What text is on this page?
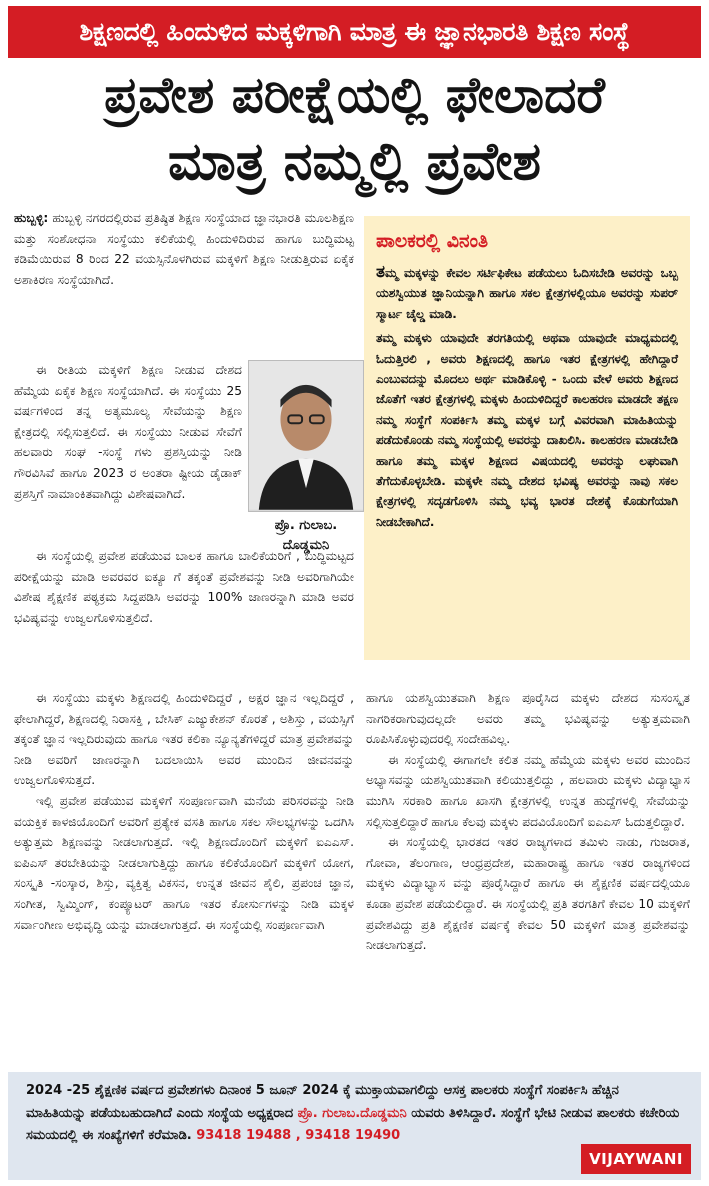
ಶಿಕ್ಷಣದಲ್ಲಿ ಹಿಂದುಳಿದ ಮಕ್ಕಳಿಗಾಗಿ ಮಾತ್ರ ಈ ಜ್ಞಾನಭಾರತಿ ಶಿಕ್ಷಣ ಸಂಸ್ಥೆ
ಪ್ರವೇಶ ಪರೀಕ್ಷೆಯಲ್ಲಿ ಫೇಲಾದರೆ
ಮಾತ್ರ ನಮ್ಮಲ್ಲಿ ಪ್ರವೇಶ

ಹುಬ್ಬಳ್ಳಿ: ಹುಬ್ಬಳ್ಳಿ ನಗರದಲ್ಲಿರುವ ಪ್ರತಿಷ್ಠಿತ ಶಿಕ್ಷಣ ಸಂಸ್ಥೆಯಾದ ಜ್ಞಾನಭಾರತಿ ಮೂಲಶಿಕ್ಷಣ ಮತ್ತು ಸಂಶೋಧನಾ ಸಂಸ್ಥೆಯು ಕಲಿಕೆಯಲ್ಲಿ ಹಿಂದುಳಿದಿರುವ ಹಾಗೂ ಬುದ್ಧಿಮಟ್ಟ ಕಡಿಮೆಯಿರುವ 8 ರಿಂದ 22 ವಯಸ್ಸಿನೊಳಗಿರುವ ಮಕ್ಕಳಿಗೆ ಶಿಕ್ಷಣ ನೀಡುತ್ತಿರುವ ಏಕೈಕ ಅಶಾಕಿರಣ ಸಂಸ್ಥೆಯಾಗಿದೆ.

ಈ ರೀತಿಯ ಮಕ್ಕಳಿಗೆ ಶಿಕ್ಷಣ ನೀಡುವ ದೇಶದ ಹೆಮ್ಮೆಯ ಏಕೈಕ ಶಿಕ್ಷಣ ಸಂಸ್ಥೆಯಾಗಿದೆ. ಈ ಸಂಸ್ಥೆಯು 25 ವರ್ಷಗಳಿಂದ ತನ್ನ ಅತ್ಯಮೂಲ್ಯ ಸೇವೆಯನ್ನು ಶಿಕ್ಷಣ ಕ್ಷೇತ್ರದಲ್ಲಿ ಸಲ್ಲಿಸುತ್ತಲಿದೆ. ಈ ಸಂಸ್ಥೆಯು ನೀಡುವ ಸೇವೆಗೆ ಹಲವಾರು ಸಂಘ -ಸಂಸ್ಥೆ ಗಳು ಪ್ರಶಸ್ತಿಯನ್ನು ನೀಡಿ ಗೌರವಿಸಿವೆ ಹಾಗೂ 2023 ರ ಅಂತರಾ ಷ್ಟೀಯ ಡೈಡಾಕ್ ಪ್ರಶಸ್ತಿಗೆ ನಾಮಾಂಕಿತವಾಗಿದ್ದು ವಿಶೇಷವಾಗಿದೆ.

ಪ್ರೊ. ಗುಲಾಬ.
ದೊಡ್ಡಮನಿ

ಈ ಸಂಸ್ಥೆಯಲ್ಲಿ ಪ್ರವೇಶ ಪಡೆಯುವ ಬಾಲಕ ಹಾಗೂ ಬಾಲಿಕೆಯರಿಗೆ , ಬುದ್ಧಿಮಟ್ಟದ ಪರೀಕ್ಷೆಯನ್ನು ಮಾಡಿ ಅವರವರ ಐಕ್ಯೂ ಗೆ ತಕ್ಕಂತೆ ಪ್ರವೇಶವನ್ನು ನೀಡಿ ಅವರಿಗಾಗಿಯೇ ವಿಶೇಷ ಶೈಕ್ಷಣಿಕ ಪಠ್ಯಕ್ರಮ ಸಿದ್ದಪಡಿಸಿ ಅವರನ್ನು 100% ಜಾಣರನ್ನಾಗಿ ಮಾಡಿ ಅವರ ಭವಿಷ್ಯವನ್ನು ಉಜ್ವಲಗೊಳಿಸುತ್ತಲಿದೆ.

ಈ ಸಂಸ್ಥೆಯು ಮಕ್ಕಳು ಶಿಕ್ಷಣದಲ್ಲಿ ಹಿಂದುಳಿದಿದ್ದರೆ , ಅಕ್ಷರ ಜ್ಞಾನ ಇಲ್ಲದಿದ್ದರೆ , ಫೇಲಾಗಿದ್ದರೆ, ಶಿಕ್ಷಣದಲ್ಲಿ ನಿರಾಸಕ್ತಿ , ಬೇಸಿಕ್ ಎಜ್ಯುಕೇಶನ್ ಕೊರತೆ , ಅಶಿಸ್ತು , ವಯಸ್ಸಿಗೆ ತಕ್ಕಂತೆ ಜ್ಞಾನ ಇಲ್ಲದಿರುವುದು ಹಾಗೂ ಇತರ ಕಲಿಕಾ ನ್ಯೂನ್ಯತೆಗಳಿದ್ದರೆ ಮಾತ್ರ ಪ್ರವೇಶವನ್ನು ನೀಡಿ ಅವರಿಗೆ ಜಾಣರನ್ನಾಗಿ ಬದಲಾಯಿಸಿ ಅವರ ಮುಂದಿನ ಜೀವನವನ್ನು ಉಜ್ವಲಗೊಳಿಸುತ್ತದೆ.

ಇಲ್ಲಿ ಪ್ರವೇಶ ಪಡೆಯುವ ಮಕ್ಕಳಿಗೆ ಸಂಪೂರ್ಣವಾಗಿ ಮನೆಯ ಪರಿಸರವನ್ನು ನೀಡಿ ವಯಕ್ತಿಕ ಕಾಳಜಿಯೊಂದಿಗೆ ಅವರಿಗೆ ಪ್ರತ್ಯೇಕ ವಸತಿ ಹಾಗೂ ಸಕಲ ಸೌಲಭ್ಯಗಳನ್ನು ಒದಗಿಸಿ ಅತ್ಯುತ್ತಮ ಶಿಕ್ಷಣವನ್ನು ನೀಡಲಾಗುತ್ತದೆ. ಇಲ್ಲಿ ಶಿಕ್ಷಣದೊಂದಿಗೆ ಮಕ್ಕಳಿಗೆ ಐಎಎಸ್. ಐಪಿಎಸ್ ತರಬೇತಿಯನ್ನು ನೀಡಲಾಗುತ್ತಿದ್ದು ಹಾಗೂ ಕಲಿಕೆಯೊಂದಿಗೆ ಮಕ್ಕಳಿಗೆ ಯೋಗ, ಸಂಸ್ಕೃತಿ -ಸಂಸ್ಕಾರ, ಶಿಸ್ತು, ವ್ಯಕ್ತಿತ್ವ ವಿಕಸನ, ಉನ್ನತ ಜೀವನ ಶೈಲಿ, ಪ್ರಪಂಚ ಜ್ಞಾನ, ಸಂಗೀತ, ಸ್ವಿಮ್ಮಿಂಗ್, ಕಂಪ್ಯೂಟರ್ ಹಾಗೂ ಇತರ ಕೋರ್ಸುಗಳನ್ನು ನೀಡಿ ಮಕ್ಕಳ ಸರ್ವಾಂಗೀಣ ಅಭಿವೃದ್ಧಿ ಯನ್ನು ಮಾಡಲಾಗುತ್ತದೆ. ಈ ಸಂಸ್ಥೆಯಲ್ಲಿ ಸಂಪೂರ್ಣವಾಗಿ

ಪಾಲಕರಲ್ಲಿ ವಿನಂತಿ

ತಮ್ಮ ಮಕ್ಕಳನ್ನು ಕೇವಲ ಸರ್ಟಿಫಿಕೇಟ ಪಡೆಯಲು ಓದಿಸಬೇಡಿ ಅವರನ್ನು ಒಬ್ಬ ಯಶಸ್ವಿಯುತ ಜ್ಞಾನಿಯನ್ನಾಗಿ ಹಾಗೂ ಸಕಲ ಕ್ಷೇತ್ರಗಳಲ್ಲಿಯೂ ಅವರನ್ನು ಸುಪರ್ ಸ್ಮಾರ್ಟ ಚೈಲ್ಡ ಮಾಡಿ.

ತಮ್ಮ ಮಕ್ಕಳು ಯಾವುದೇ ತರಗತಿಯಲ್ಲಿ ಅಥವಾ ಯಾವುದೇ ಮಾಧ್ಯಮದಲ್ಲಿ ಓದುತ್ತಿರಲಿ , ಅವರು ಶಿಕ್ಷಣದಲ್ಲಿ ಹಾಗೂ ಇತರ ಕ್ಷೇತ್ರಗಳಲ್ಲಿ ಹೇಗಿದ್ದಾರೆ ಎಂಬುವದನ್ನು ಮೊದಲು ಅರ್ಥ ಮಾಡಿಕೊಳ್ಳಿ - ಒಂದು ವೇಳೆ ಅವರು ಶಿಕ್ಷಣದ ಜೊತೆಗೆ ಇತರ ಕ್ಷೇತ್ರಗಳಲ್ಲಿ ಮಕ್ಕಳು ಹಿಂದುಳಿದಿದ್ದರೆ ಕಾಲಹರಣ ಮಾಡದೇ ತಕ್ಷಣ ನಮ್ಮ ಸಂಸ್ಥೆಗೆ ಸಂಪರ್ಕಿಸಿ ತಮ್ಮ ಮಕ್ಕಳ ಬಗ್ಗೆ ವಿವರವಾಗಿ ಮಾಹಿತಿಯನ್ನು ಪಡೆದುಕೊಂಡು ನಮ್ಮ ಸಂಸ್ಥೆಯಲ್ಲಿ ಅವರನ್ನು ದಾಖಲಿಸಿ. ಕಾಲಹರಣ ಮಾಡಬೇಡಿ ಹಾಗೂ ತಮ್ಮ ಮಕ್ಕಳ ಶಿಕ್ಷಣದ ವಿಷಯದಲ್ಲಿ ಅವರನ್ನು ಲಘುವಾಗಿ ತೆಗೆದುಕೊಳ್ಳಬೇಡಿ. ಮಕ್ಕಳೇ ನಮ್ಮ ದೇಶದ ಭವಿಷ್ಯ ಅವರನ್ನು ನಾವು ಸಕಲ ಕ್ಷೇತ್ರಗಳಲ್ಲಿ ಸದೃಡಗೊಳಿಸಿ ನಮ್ಮ ಭವ್ಯ ಭಾರತ ದೇಶಕ್ಕೆ ಕೊಡುಗೆಯಾಗಿ ನೀಡಬೇಕಾಗಿದೆ.

ಹಾಗೂ ಯಶಸ್ವಿಯುತವಾಗಿ ಶಿಕ್ಷಣ ಪೂರೈಸಿದ ಮಕ್ಕಳು ದೇಶದ ಸುಸಂಸ್ಕೃತ ನಾಗರಿಕರಾಗುವುದಲ್ಲದೇ ಅವರು ತಮ್ಮ ಭವಿಷ್ಯವನ್ನು ಅತ್ಯುತ್ತಮವಾಗಿ ರೂಪಿಸಿಕೊಳ್ಳುವುದರಲ್ಲಿ ಸಂದೇಹವಿಲ್ಲ.

ಈ ಸಂಸ್ಥೆಯಲ್ಲಿ ಈಗಾಗಲೇ ಕಲಿತ ನಮ್ಮ ಹೆಮ್ಮೆಯ ಮಕ್ಕಳು ಅವರ ಮುಂದಿನ ಅಭ್ಯಾಸವನ್ನು ಯಶಸ್ವಿಯುತವಾಗಿ ಕಲಿಯುತ್ತಲಿದ್ದು , ಹಲವಾರು ಮಕ್ಕಳು ವಿದ್ಯಾಭ್ಯಾಸ ಮುಗಿಸಿ ಸರಕಾರಿ ಹಾಗೂ ಖಾಸಗಿ ಕ್ಷೇತ್ರಗಳಲ್ಲಿ ಉನ್ನತ ಹುದ್ದೆಗಳಲ್ಲಿ ಸೇವೆಯನ್ನು ಸಲ್ಲಿಸುತ್ತಲಿದ್ದಾರೆ ಹಾಗೂ ಕೆಲವು ಮಕ್ಕಳು ಪದವಿಯೊಂದಿಗೆ ಐಎಎಸ್ ಓದುತ್ತಲಿದ್ದಾರೆ.

ಈ ಸಂಸ್ಥೆಯಲ್ಲಿ ಭಾರತದ ಇತರ ರಾಜ್ಯಗಳಾದ ತಮಿಳು ನಾಡು, ಗುಜರಾತ, ಗೋವಾ, ತೆಲಂಗಾಣ, ಆಂಧ್ರಪ್ರದೇಶ, ಮಹಾರಾಷ್ಟ್ರ ಹಾಗೂ ಇತರ ರಾಜ್ಯಗಳಿಂದ ಮಕ್ಕಳು ವಿದ್ಯಾಭ್ಯಾಸ ವನ್ನು ಪೂರೈಸಿದ್ದಾರೆ ಹಾಗೂ ಈ ಶೈಕ್ಷಣಿಕ ವರ್ಷದಲ್ಲಿಯೂ ಕೂಡಾ ಪ್ರವೇಶ ಪಡೆಯಲಿದ್ದಾರೆ. ಈ ಸಂಸ್ಥೆಯಲ್ಲಿ ಪ್ರತಿ ತರಗತಿಗೆ ಕೇವಲ 10 ಮಕ್ಕಳಿಗೆ ಪ್ರವೇಶವಿದ್ದು ಪ್ರತಿ ಶೈಕ್ಷಣಿಕ ವರ್ಷಕ್ಕೆ ಕೇವಲ 50 ಮಕ್ಕಳಿಗೆ ಮಾತ್ರ ಪ್ರವೇಶವನ್ನು ನೀಡಲಾಗುತ್ತದೆ.

2024 -25 ಶೈಕ್ಷಣಿಕ ವರ್ಷದ ಪ್ರವೇಶಗಳು ದಿನಾಂಕ 5 ಜೂನ್ 2024 ಕ್ಕೆ ಮುಕ್ತಾಯವಾಗಲಿದ್ದು ಆಸಕ್ತ ಪಾಲಕರು ಸಂಸ್ಥೆಗೆ ಸಂಪರ್ಕಿಸಿ ಹೆಚ್ಚಿನ ಮಾಹಿತಿಯನ್ನು ಪಡೆಯಬಹುದಾಗಿದೆ ಎಂದು ಸಂಸ್ಥೆಯ ಅಧ್ಯಕ್ಷರಾದ ಪ್ರೊ. ಗುಲಾಬ.ದೊಡ್ಡಮನಿ ಯವರು ತಿಳಿಸಿದ್ದಾರೆ. ಸಂಸ್ಥೆಗೆ ಭೇಟಿ ನೀಡುವ ಪಾಲಕರು ಕಚೇರಿಯ ಸಮಯದಲ್ಲಿ ಈ ಸಂಖ್ಯೆಗಳಿಗೆ ಕರೆಮಾಡಿ. 93418 19488 , 93418 19490
VIJAYWANI
